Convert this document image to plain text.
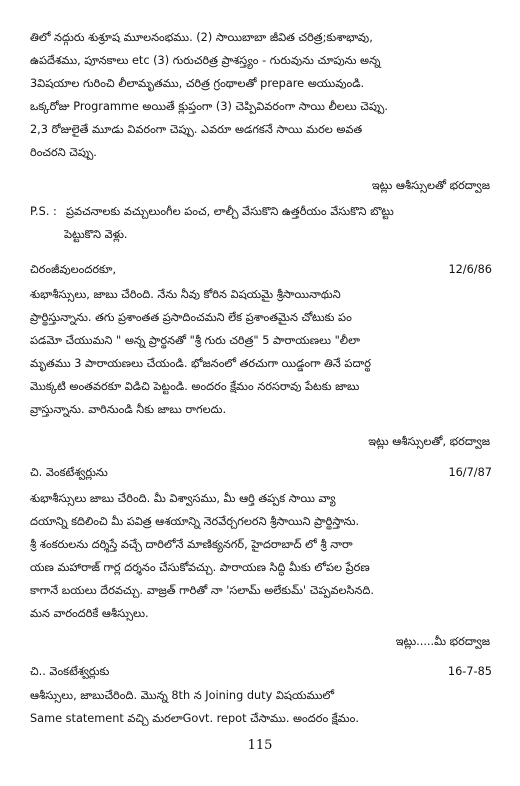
తిలో నద్గురు శుశ్రూష మూలనంభము. (2) సాయిబాబా జీవిత చరిత్ర;కుశాభావు,
ఉపదేశము, పూనకాలు etc (3) గురుచరిత్ర ప్రాశస్త్యం - గురువును చూపును అన్న
3విషయాల గురించి లీలామృతము, చరిత్ర గ్రంథాలతో prepare అయువుండి.
ఒక్కరోజు Programme అయితే క్లుప్తంగా (3) చెప్పివివరంగా సాయి లీలలు చెప్పు.
2,3 రోజులైతే మూడు వివరంగా చెప్పు. ఎవరూ అడగకనే సాయి మరల అవత
రించరని చెప్పు.
ఇట్లు ఆశీస్సులతో భరద్వాజ
P.S. : ప్రవచనాలకు వచ్చులుంగీల పంచ, లాల్చీ వేసుకొని ఉత్తరీయం వేసుకొని బొట్టు
పెట్టుకొని వెళ్లు.
చిరంజీవులందరకూ,	12/6/86
శుభాశీస్సులు, జాబు చేరింది. నేను నీవు కోరిన విషయమై శ్రీసాయినాథుని
ప్రార్థిస్తున్నాను. తగు ప్రశాంతత ప్రసాదించమని లేక ప్రశాంతమైన చోటుకు పం
పడమో చేయుమని " అన్న ప్రార్థనతో "శ్రీ గురు చరిత్ర" 5 పారాయణలు "లీలా
మృతము 3 పారాయణలు చేయండి. భోజనంలో తరచుగా యిడ్డంగా తినే పదార్థ
మొక్కటి అంతవరకూ విడిచి పెట్టండి. అందరం క్షేమం నరసరావు పేటకు జాబు
వ్రాస్తున్నాను. వారినుండి నీకు జాబు రాగలదు.
ఇట్లు ఆశీస్సులతో, భరద్వాజ
చి. వెంకటేశ్వర్లును	16/7/87
శుభాశీస్సులు జాబు చేరింది. మీ విశ్వాసము, మీ ఆర్తి తప్పక సాయి వ్యా
దయాన్ని కదిలించి మీ పవిత్ర ఆశయాన్ని నెరవేర్చగలరని శ్రీసాయిని ప్రార్థిస్తాను.
శ్రీ శంకరులను దర్శిస్తే వచ్చే దారిలోనే మాణిక్యనగర్, హైదరాబాద్ లో శ్రీ నారా
యణ మహారాజ్ గార్ల దర్శనం చేసుకోవచ్చు. పారాయణ సిద్ధి మీకు లోపల ప్రేరణ
కాగానే బయలు దేరవచ్చు. వాజ్రత్ గారితో నా 'సలామ్ అలేకుమ్' చెప్పవలసినది.
మన వారందరికే ఆశీస్సులు.
ఇట్లు.....మీ భరద్వాజ
చి.. వెంకటేశ్వర్లుకు	16-7-85
ఆశీస్సులు, జాబుచేరింది. మొన్న 8th న Joining duty విషయములో
Same statement వచ్చి మరలాGovt. repot చేసాము. అందరం క్షేమం.
115
